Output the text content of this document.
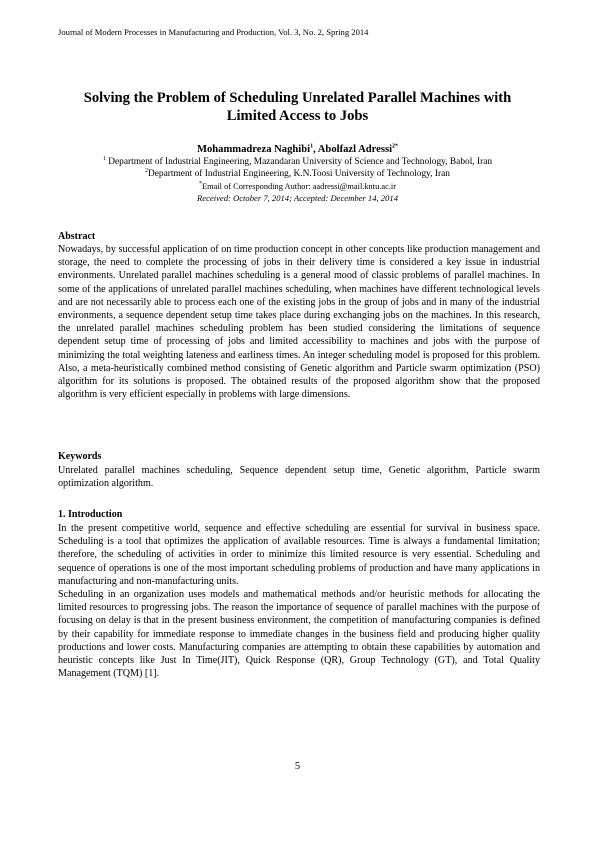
Journal of Modern Processes in Manufacturing and Production, Vol. 3, No. 2, Spring 2014
Solving the Problem of Scheduling Unrelated Parallel Machines with
Limited Access to Jobs
Mohammadreza Naghibi$^1$, Abolfazl Adressi$^{2*}$
$^1$ Department of Industrial Engineering, Mazandaran University of Science and Technology, Babol, Iran
$^2$Department of Industrial Engineering, K.N.Toosi University of Technology, Iran
*Email of Corresponding Author: aadressi@mail.kntu.ac.ir
Received: October 7, 2014; Accepted: December 14, 2014
Abstract

Nowadays, by successful application of on time production concept in other concepts like production management and storage, the need to complete the processing of jobs in their delivery time is considered a key issue in industrial environments. Unrelated parallel machines scheduling is a general mood of classic problems of parallel machines. In some of the applications of unrelated parallel machines scheduling, when machines have different technological levels and are not necessarily able to process each one of the existing jobs in the group of jobs and in many of the industrial environments, a sequence dependent setup time takes place during exchanging jobs on the machines. In this research, the unrelated parallel machines scheduling problem has been studied considering the limitations of sequence dependent setup time of processing of jobs and limited accessibility to machines and jobs with the purpose of minimizing the total weighting lateness and earliness times. An integer scheduling model is proposed for this problem. Also, a meta-heuristically combined method consisting of Genetic algorithm and Particle swarm optimization (PSO) algorithm for its solutions is proposed. The obtained results of the proposed algorithm show that the proposed algorithm is very efficient especially in problems with large dimensions.

Keywords

Unrelated parallel machines scheduling, Sequence dependent setup time, Genetic algorithm, Particle swarm optimization algorithm.

1. Introduction

In the present competitive world, sequence and effective scheduling are essential for survival in business space. Scheduling is a tool that optimizes the application of available resources. Time is always a fundamental limitation; therefore, the scheduling of activities in order to minimize this limited resource is very essential. Scheduling and sequence of operations is one of the most important scheduling problems of production and have many applications in manufacturing and non-manufacturing units.

Scheduling in an organization uses models and mathematical methods and/or heuristic methods for allocating the limited resources to progressing jobs. The reason the importance of sequence of parallel machines with the purpose of focusing on delay is that in the present business environment, the competition of manufacturing companies is defined by their capability for immediate response to immediate changes in the business field and producing higher quality productions and lower costs. Manufacturing companies are attempting to obtain these capabilities by automation and heuristic concepts like Just In Time(JIT), Quick Response (QR), Group Technology (GT), and Total Quality Management (TQM) [1].

5
